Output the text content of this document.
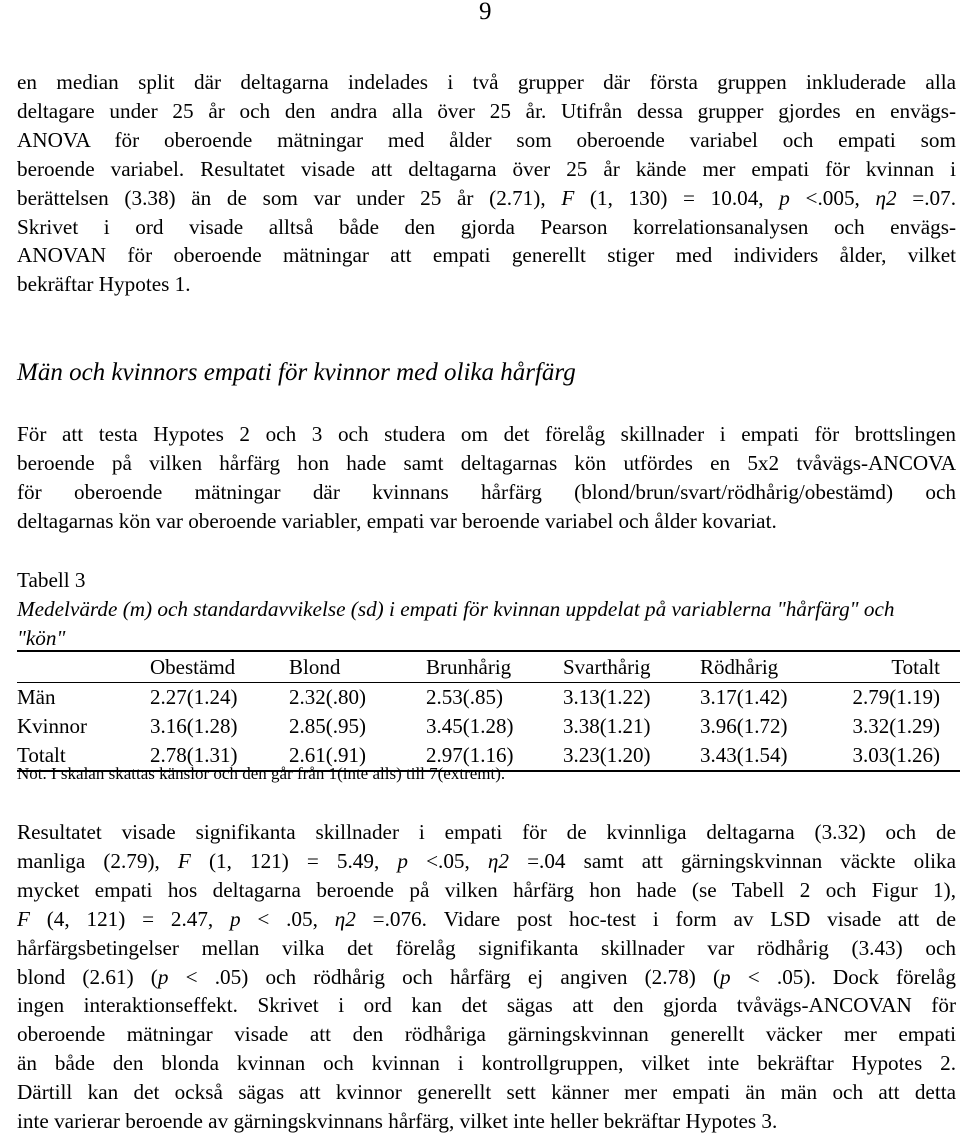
9

en median split där deltagarna indelades i två grupper där första gruppen inkluderade alla
deltagare under 25 år och den andra alla över 25 år. Utifrån dessa grupper gjordes en envägs-
ANOVA för oberoende mätningar med ålder som oberoende variabel och empati som
beroende variabel. Resultatet visade att deltagarna över 25 år kände mer empati för kvinnan i
berättelsen (3.38) än de som var under 25 år (2.71), F (1, 130) = 10.04, p <.005, η2 =.07.
Skrivet i ord visade alltså både den gjorda Pearson korrelationsanalysen och envägs-
ANOVAN för oberoende mätningar att empati generellt stiger med individers ålder, vilket
bekräftar Hypotes 1.

Män och kvinnors empati för kvinnor med olika hårfärg

För att testa Hypotes 2 och 3 och studera om det förelåg skillnader i empati för brottslingen
beroende på vilken hårfärg hon hade samt deltagarnas kön utfördes en 5x2 tvåvägs-ANCOVA
för oberoende mätningar där kvinnans hårfärg (blond/brun/svart/rödhårig/obestämd) och
deltagarnas kön var oberoende variabler, empati var beroende variabel och ålder kovariat.

Tabell 3
Medelvärde (m) och standardavvikelse (sd) i empati för kvinnan uppdelat på variablerna "hårfärg" och "kön"
	Obestämd	Blond	Brunhårig	Svarthårig	Rödhårig	Totalt
Män	2.27(1.24)	2.32(.80)	2.53(.85)	3.13(1.22)	3.17(1.42)	2.79(1.19)
Kvinnor	3.16(1.28)	2.85(.95)	3.45(1.28)	3.38(1.21)	3.96(1.72)	3.32(1.29)
Totalt	2.78(1.31)	2.61(.91)	2.97(1.16)	3.23(1.20)	3.43(1.54)	3.03(1.26)
Not. I skalan skattas känslor och den går från 1(inte alls) till 7(extremt).

Resultatet visade signifikanta skillnader i empati för de kvinnliga deltagarna (3.32) och de
manliga (2.79), F (1, 121) = 5.49, p <.05, η2 =.04 samt att gärningskvinnan väckte olika
mycket empati hos deltagarna beroende på vilken hårfärg hon hade (se Tabell 2 och Figur 1),
F (4, 121) = 2.47, p < .05, η2 =.076. Vidare post hoc-test i form av LSD visade att de
hårfärgsbetingelser mellan vilka det förelåg signifikanta skillnader var rödhårig (3.43) och
blond (2.61) (p < .05) och rödhårig och hårfärg ej angiven (2.78) (p < .05). Dock förelåg
ingen interaktionseffekt. Skrivet i ord kan det sägas att den gjorda tvåvägs-ANCOVAN för
oberoende mätningar visade att den rödhåriga gärningskvinnan generellt väcker mer empati
än både den blonda kvinnan och kvinnan i kontrollgruppen, vilket inte bekräftar Hypotes 2.
Därtill kan det också sägas att kvinnor generellt sett känner mer empati än män och att detta
inte varierar beroende av gärningskvinnans hårfärg, vilket inte heller bekräftar Hypotes 3.
